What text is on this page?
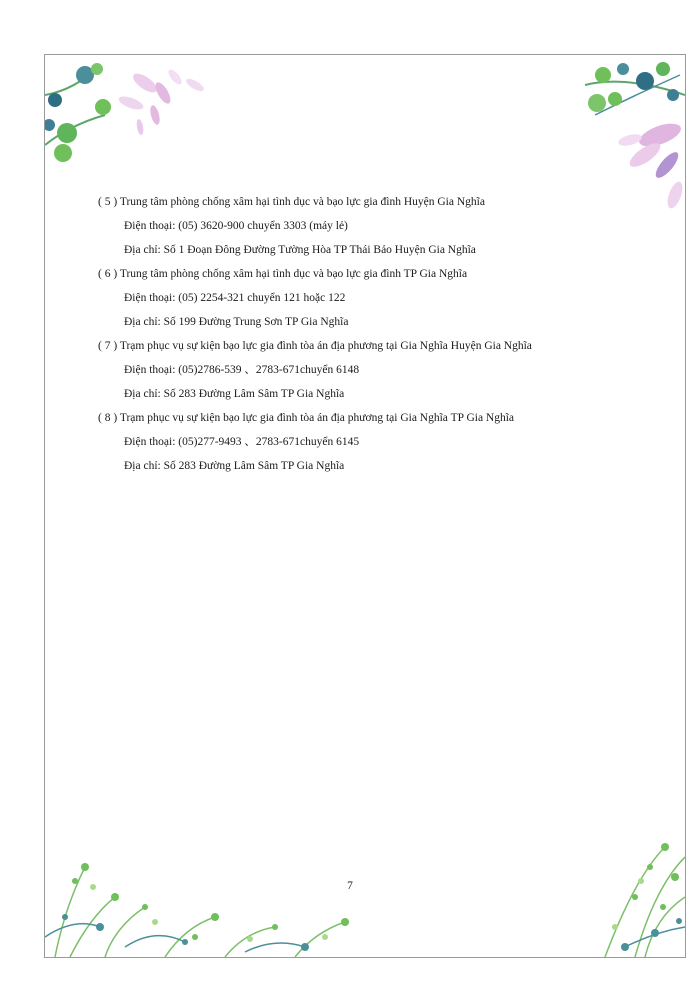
( 5 ) Trung tâm phòng chống xâm hại tình dục và bạo lực gia đình Huyện Gia Nghĩa

Điện thoại: (05) 3620-900 chuyển 3303 (máy lẻ)

Địa chỉ: Số 1 Đoạn Đông Đường Tường Hòa TP Thái Bảo Huyện Gia Nghĩa

( 6 ) Trung tâm phòng chống xâm hại tình dục và bạo lực gia đình TP Gia Nghĩa

Điện thoại: (05) 2254-321 chuyển 121 hoặc 122

Địa chỉ: Số 199 Đường Trung Sơn TP Gia Nghĩa

( 7 ) Trạm phục vụ sự kiện bạo lực gia đình tòa án địa phương tại Gia Nghĩa Huyện Gia Nghĩa

Điện thoại: (05)2786-539 、2783-671chuyển 6148

Địa chỉ: Số 283 Đường Lâm Sâm TP Gia Nghĩa

( 8 ) Trạm phục vụ sự kiện bạo lực gia đình tòa án địa phương tại Gia Nghĩa TP Gia Nghĩa

Điện thoại: (05)277-9493 、2783-671chuyển 6145

Địa chỉ: Số 283 Đường Lâm Sâm TP Gia Nghĩa

7
